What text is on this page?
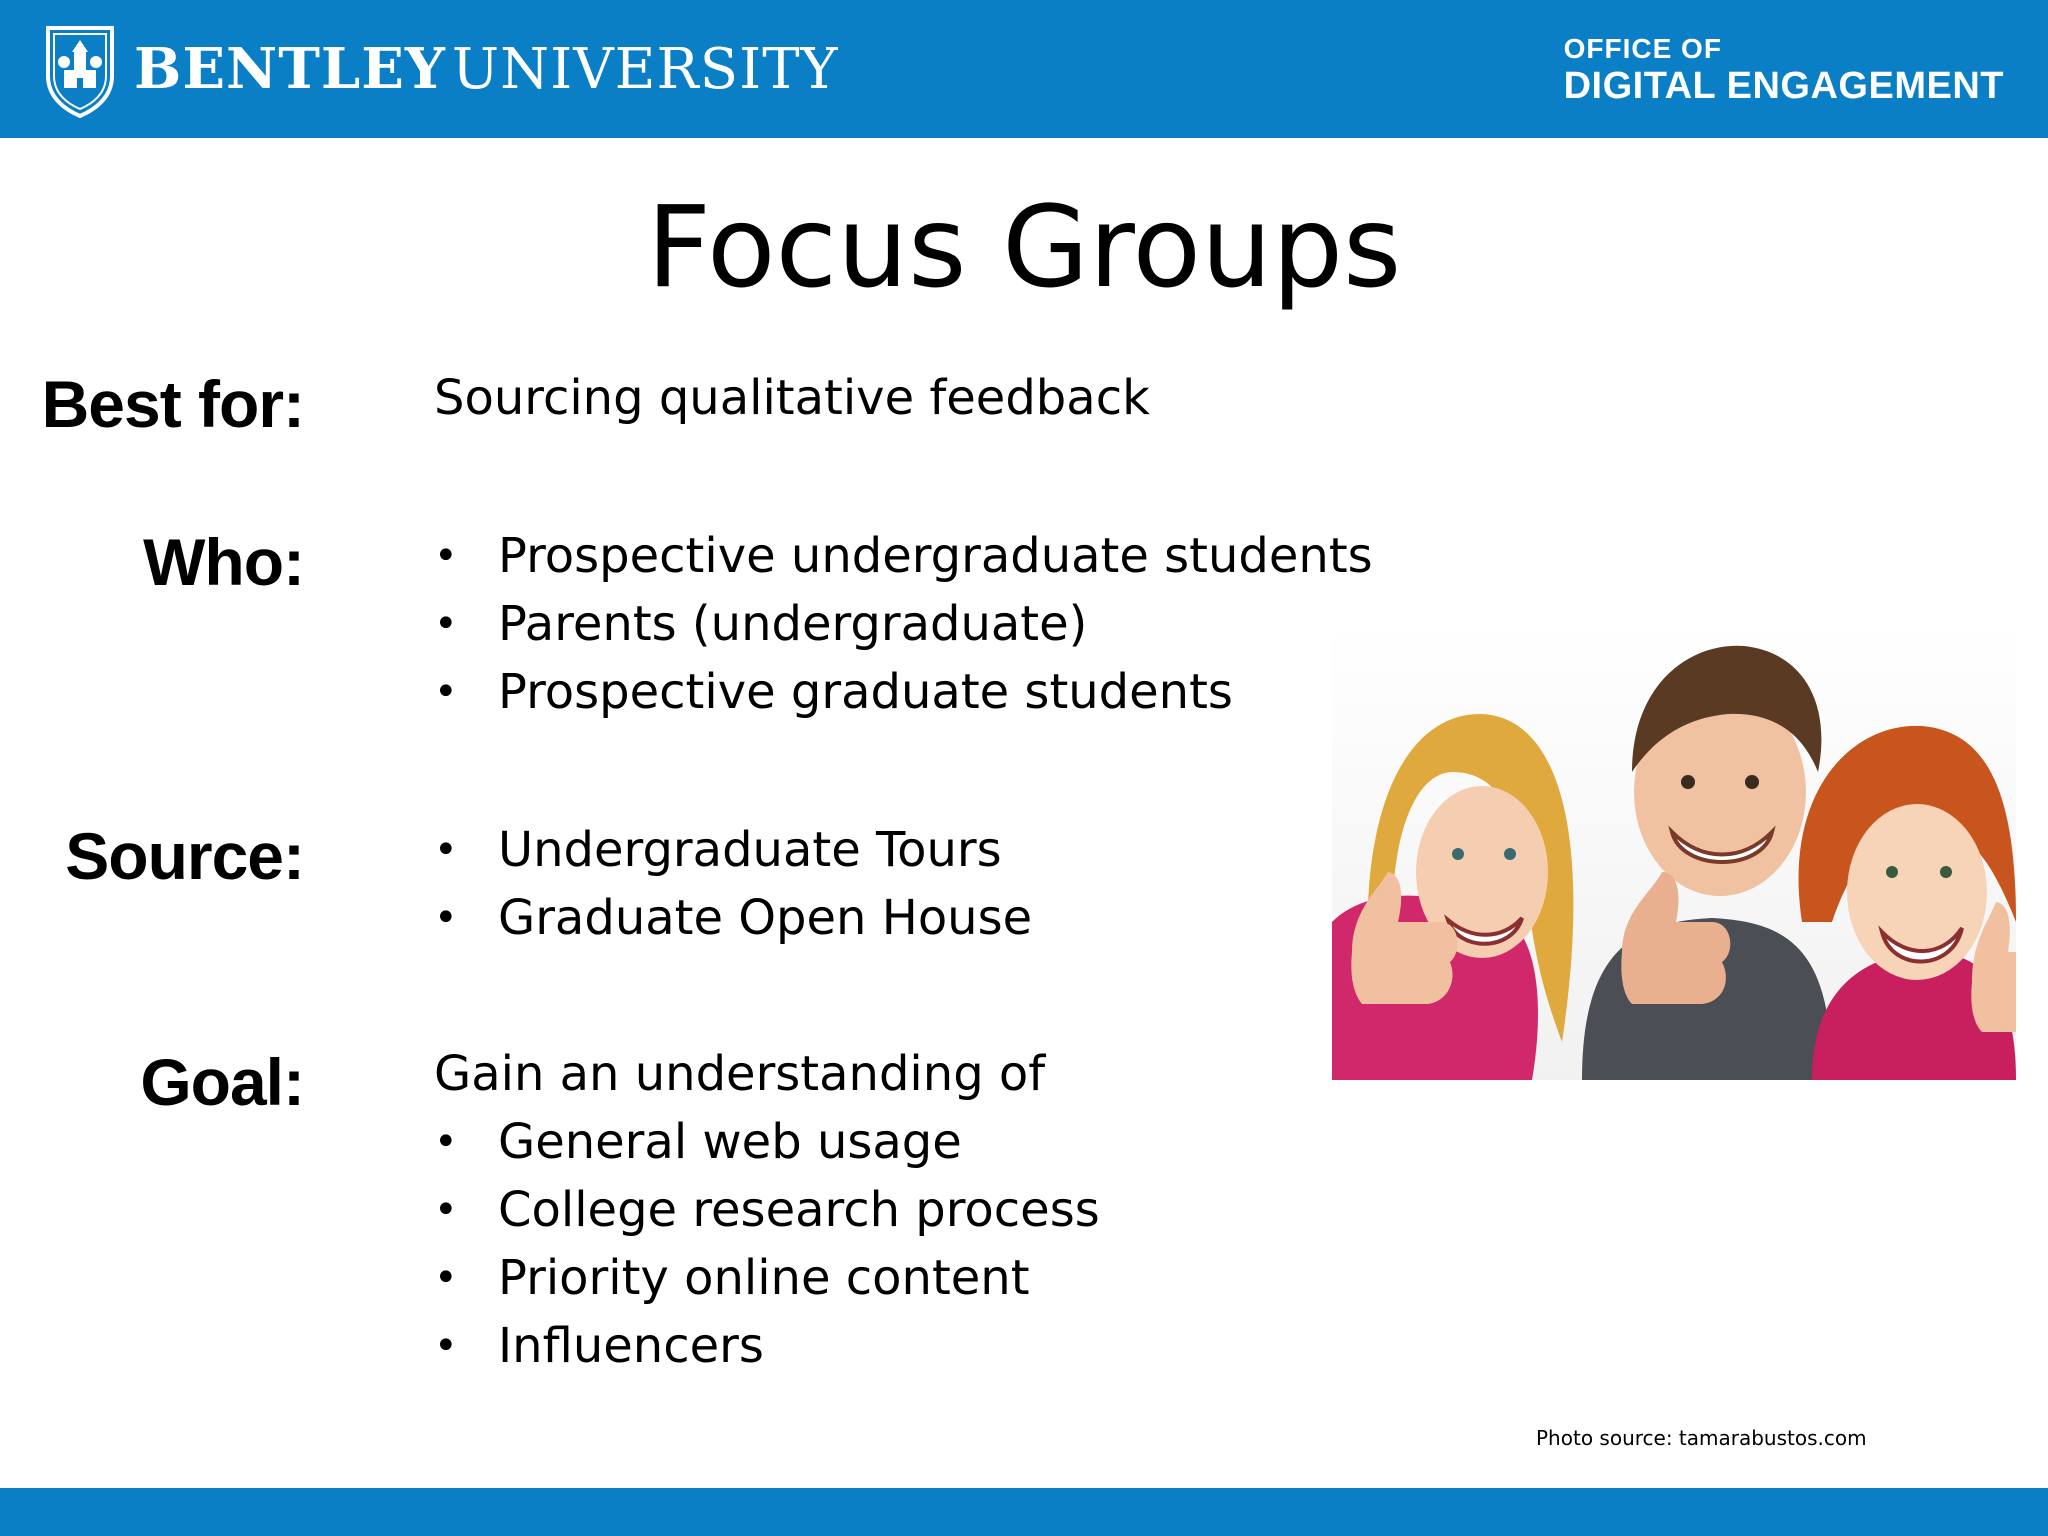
BENTLEY UNIVERSITY	OFFICE OF
DIGITAL ENGAGEMENT
Focus Groups
Best for:	Sourcing qualitative feedback
Who:	• Prospective undergraduate students
• Parents (undergraduate)
• Prospective graduate students
Source:	• Undergraduate Tours
• Graduate Open House
Goal:	Gain an understanding of
• General web usage
• College research process
• Priority online content
• Influencers
Photo source: tamarabustos.com
